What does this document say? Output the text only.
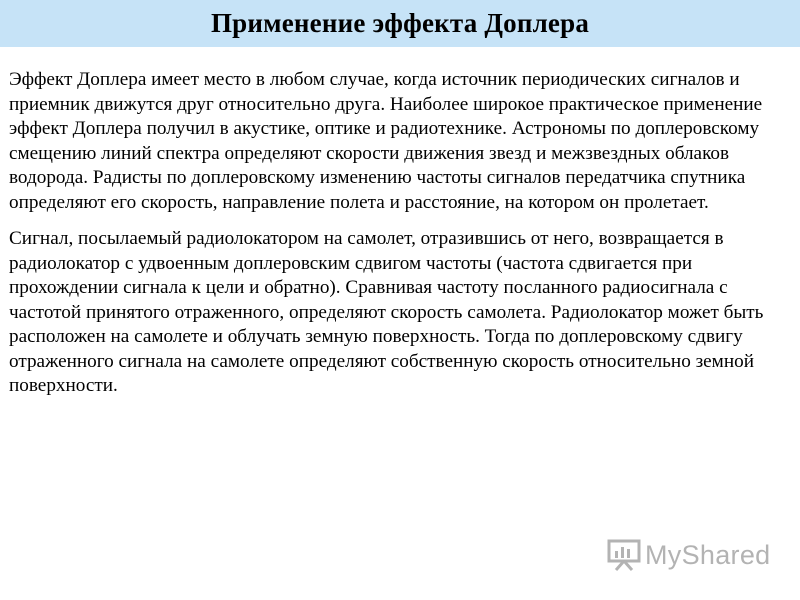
Применение эффекта Доплера

Эффект Доплера имеет место в любом случае, когда источник периодических сигналов и приемник движутся друг относительно друга. Наиболее широкое практическое применение эффект Доплера получил в акустике, оптике и радиотехнике. Астрономы по доплеровскому смещению линий спектра определяют скорости движения звезд и межзвездных облаков водорода. Радисты по доплеровскому изменению частоты сигналов передатчика спутника определяют его скорость, направление полета и расстояние, на котором он пролетает.

Сигнал, посылаемый радиолокатором на самолет, отразившись от него, возвращается в радиолокатор с удвоенным доплеровским сдвигом частоты (частота сдвигается при прохождении сигнала к цели и обратно). Сравнивая частоту посланного радиосигнала с частотой принятого отраженного, определяют скорость самолета. Радиолокатор может быть расположен на самолете и облучать земную поверхность. Тогда по доплеровскому сдвигу отраженного сигнала на самолете определяют собственную скорость относительно земной поверхности.

MyShared
